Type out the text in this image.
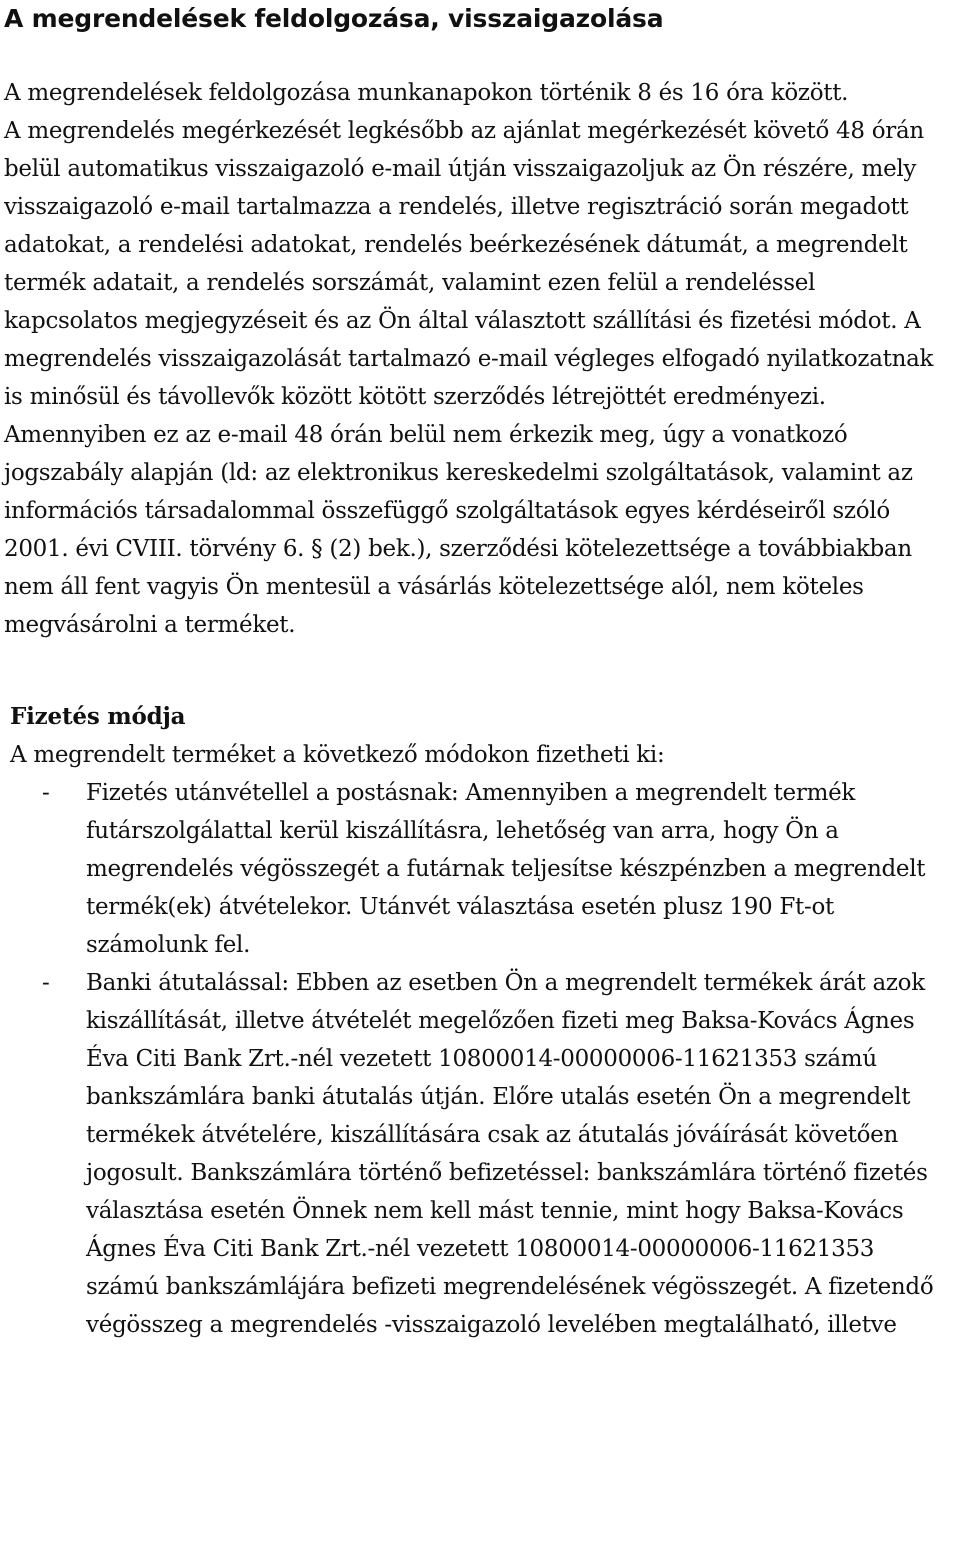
A megrendelések feldolgozása, visszaigazolása

A megrendelések feldolgozása munkanapokon történik 8 és 16 óra között.

A megrendelés megérkezését legkésőbb az ajánlat megérkezését követő 48 órán belül automatikus visszaigazoló e-mail útján visszaigazoljuk az Ön részére, mely visszaigazoló e-mail tartalmazza a rendelés, illetve regisztráció során megadott adatokat, a rendelési adatokat, rendelés beérkezésének dátumát, a megrendelt termék adatait, a rendelés sorszámát, valamint ezen felül a rendeléssel kapcsolatos megjegyzéseit és az Ön által választott szállítási és fizetési módot. A megrendelés visszaigazolását tartalmazó e-mail végleges elfogadó nyilatkozatnak is minősül és távollevők között kötött szerződés létrejöttét eredményezi.

Amennyiben ez az e-mail 48 órán belül nem érkezik meg, úgy a vonatkozó jogszabály alapján (ld: az elektronikus kereskedelmi szolgáltatások, valamint az információs társadalommal összefüggő szolgáltatások egyes kérdéseiről szóló 2001. évi CVIII. törvény 6. § (2) bek.), szerződési kötelezettsége a továbbiakban nem áll fent vagyis Ön mentesül a vásárlás kötelezettsége alól, nem köteles megvásárolni a terméket.

Fizetés módja
A megrendelt terméket a következő módokon fizetheti ki:
- Fizetés utánvétellel a postásnak: Amennyiben a megrendelt termék futárszolgálattal kerül kiszállításra, lehetőség van arra, hogy Ön a megrendelés végösszegét a futárnak teljesítse készpénzben a megrendelt termék(ek) átvételekor. Utánvét választása esetén plusz 190 Ft-ot számolunk fel.
- Banki átutalással: Ebben az esetben Ön a megrendelt termékek árát azok kiszállítását, illetve átvételét megelőzően fizeti meg Baksa-Kovács Ágnes Éva Citi Bank Zrt.-nél vezetett 10800014-00000006-11621353 számú bankszámlára banki átutalás útján. Előre utalás esetén Ön a megrendelt termékek átvételére, kiszállítására csak az átutalás jóváírását követően jogosult. Bankszámlára történő befizetéssel: bankszámlára történő fizetés választása esetén Önnek nem kell mást tennie, mint hogy Baksa-Kovács Ágnes Éva Citi Bank Zrt.-nél vezetett 10800014-00000006-11621353 számú bankszámlájára befizeti megrendelésének végösszegét. A fizetendő végösszeg a megrendelés -visszaigazoló levelében megtalálható, illetve
